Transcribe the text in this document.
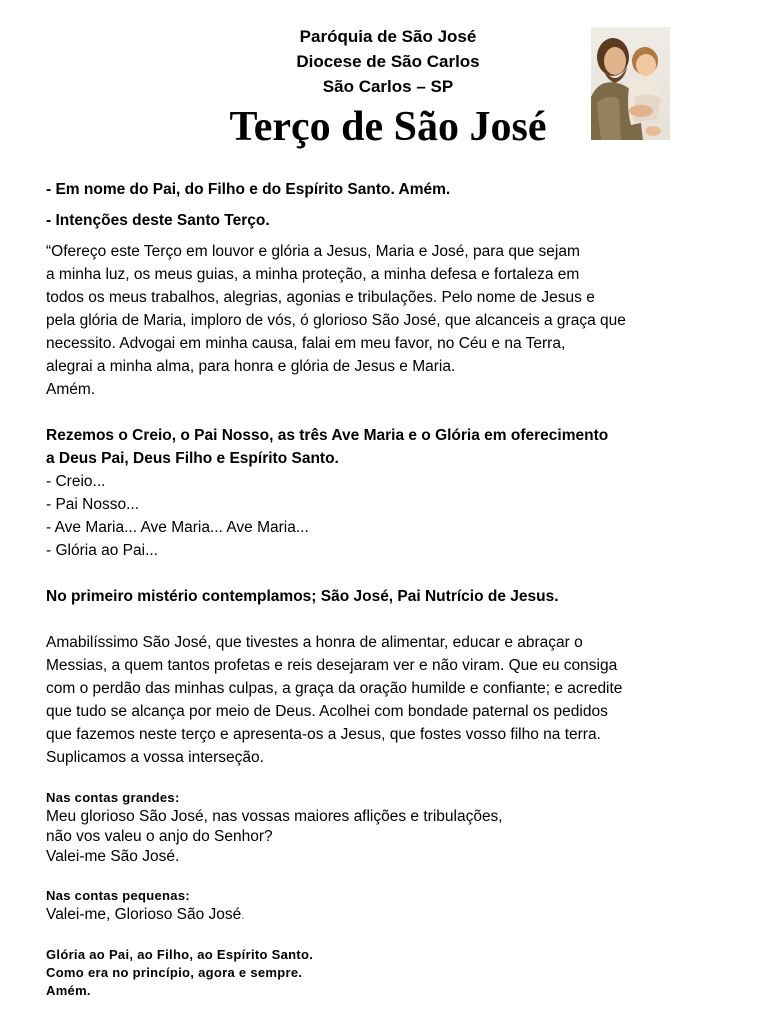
Paróquia de São José
Diocese de São Carlos
São Carlos – SP
Terço de São José
- Em nome do Pai, do Filho e do Espírito Santo. Amém.
- Intenções deste Santo Terço.
“Ofereço este Terço em louvor e glória a Jesus, Maria e José, para que sejam
a minha luz, os meus guias, a minha proteção, a minha defesa e fortaleza em
todos os meus trabalhos, alegrias, agonias e tribulações. Pelo nome de Jesus e
pela glória de Maria, imploro de vós, ó glorioso São José, que alcanceis a graça que
necessito. Advogai em minha causa, falai em meu favor, no Céu e na Terra,
alegrai a minha alma, para honra e glória de Jesus e Maria.
Amém.
Rezemos o Creio, o Pai Nosso, as três Ave Maria e o Glória em oferecimento
a Deus Pai, Deus Filho e Espírito Santo.
- Creio...
- Pai Nosso...
- Ave Maria... Ave Maria... Ave Maria...
- Glória ao Pai...
No primeiro mistério contemplamos; São José, Pai Nutrício de Jesus.
Amabilíssimo São José, que tivestes a honra de alimentar, educar e abraçar o
Messias, a quem tantos profetas e reis desejaram ver e não viram. Que eu consiga
com o perdão das minhas culpas, a graça da oração humilde e confiante; e acredite
que tudo se alcança por meio de Deus. Acolhei com bondade paternal os pedidos
que fazemos neste terço e apresenta-os a Jesus, que fostes vosso filho na terra.
Suplicamos a vossa interseção.
Nas contas grandes:
Meu glorioso São José, nas vossas maiores aflições e tribulações,
não vos valeu o anjo do Senhor?
Valei-me São José.
Nas contas pequenas:
Valei-me, Glorioso São José.
Glória ao Pai, ao Filho, ao Espírito Santo.
Como era no princípio, agora e sempre.
Amém.
